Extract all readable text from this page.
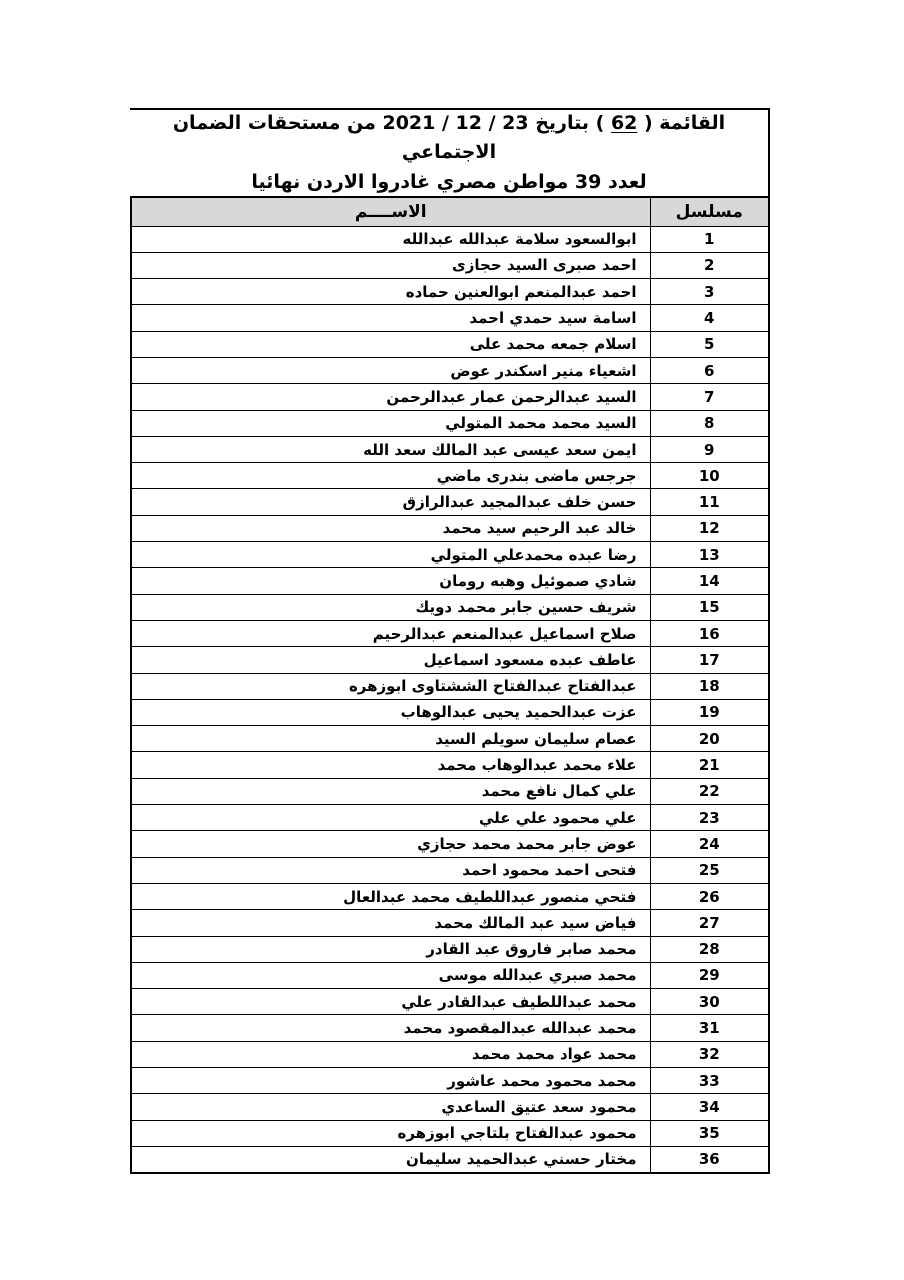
القائمة ( 62 ) بتاريخ 23 / 12 / 2021 من مستحقات الضمان الاجتماعي
لعدد 39 مواطن مصري غادروا الاردن نهائيا
مسلسل	الاســــم
1	ابوالسعود سلامة عبدالله عبدالله
2	احمد صبرى السيد حجازى
3	احمد عبدالمنعم ابوالعنين حماده
4	اسامة سيد حمدي احمد
5	اسلام جمعه محمد على
6	اشعياء منير اسكندر عوض
7	السيد عبدالرحمن عمار عبدالرحمن
8	السيد محمد محمد المتولي
9	ايمن سعد عيسى عبد المالك سعد الله
10	جرجس ماضى بندرى ماضي
11	حسن خلف عبدالمجيد عبدالرازق
12	خالد عبد الرحيم سيد محمد
13	رضا عبده محمدعلي المتولي
14	شادي صموئيل وهبه رومان
15	شريف حسين جابر محمد دويك
16	صلاح اسماعيل عبدالمنعم عبدالرحيم
17	عاطف عبده مسعود اسماعيل
18	عبدالفتاح عبدالفتاح الششتاوى ابوزهره
19	عزت عبدالحميد يحيى عبدالوهاب
20	عصام سليمان سويلم السيد
21	علاء محمد عبدالوهاب محمد
22	علي كمال نافع محمد
23	علي محمود علي علي
24	عوض جابر محمد محمد حجازي
25	فتحى احمد محمود احمد
26	فتحي منصور عبداللطيف محمد عبدالعال
27	فياض سيد عبد المالك محمد
28	محمد صابر فاروق عبد القادر
29	محمد صبري عبدالله موسى
30	محمد عبداللطيف عبدالقادر علي
31	محمد عبدالله عبدالمقصود محمد
32	محمد عواد محمد محمد
33	محمد محمود محمد عاشور
34	محمود سعد عتيق الساعدي
35	محمود عبدالفتاح بلتاجي ابوزهره
36	مختار حسني عبدالحميد سليمان
